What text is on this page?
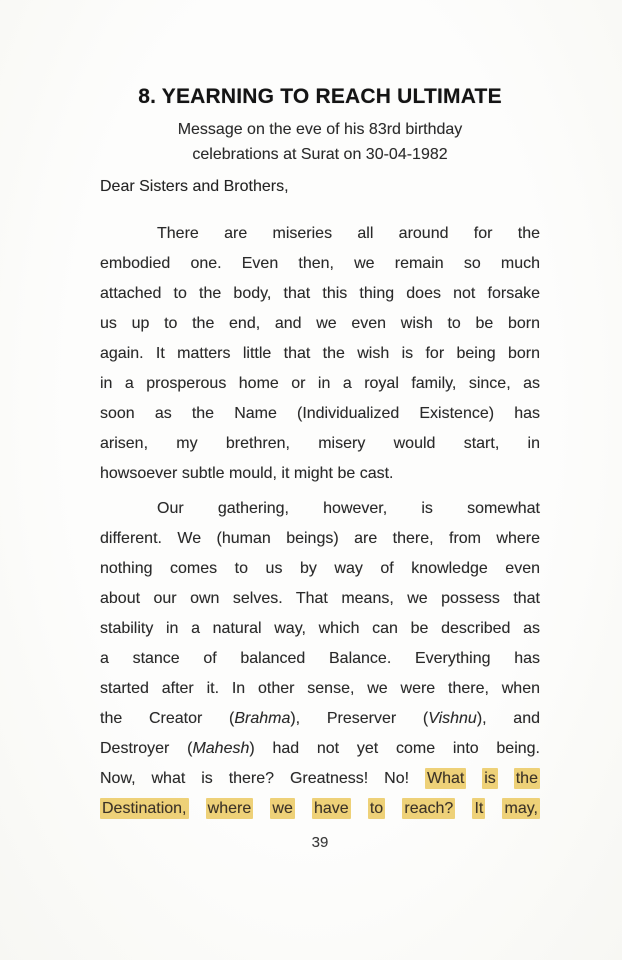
8. YEARNING TO REACH ULTIMATE
Message on the eve of his 83rd birthday
celebrations at Surat on 30-04-1982
Dear Sisters and Brothers,
There are miseries all around for the
embodied one. Even then, we remain so much
attached to the body, that this thing does not forsake
us up to the end, and we even wish to be born
again. It matters little that the wish is for being born
in a prosperous home or in a royal family, since, as
soon as the Name (Individualized Existence) has
arisen, my brethren, misery would start, in
howsoever subtle mould, it might be cast.
Our gathering, however, is somewhat
different. We (human beings) are there, from where
nothing comes to us by way of knowledge even
about our own selves. That means, we possess that
stability in a natural way, which can be described as
a stance of balanced Balance. Everything has
started after it. In other sense, we were there, when
the Creator (Brahma), Preserver (Vishnu), and
Destroyer (Mahesh) had not yet come into being.
Now, what is there? Greatness! No! What is the
Destination, where we have to reach? It may,
39
